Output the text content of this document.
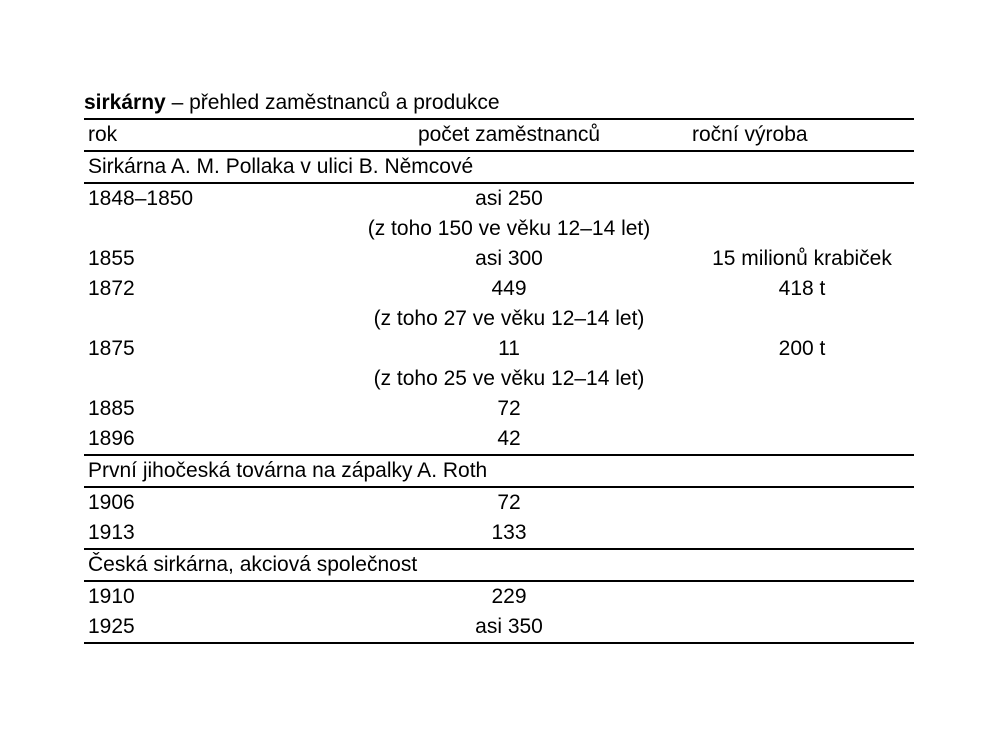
sirkárny – přehled zaměstnanců a produkce
rok	počet zaměstnanců	roční výroba
Sirkárna A. M. Pollaka v ulici B. Němcové
1848–1850	asi 250
(z toho 150 ve věku 12–14 let)
1855	asi 300	15 milionů krabiček
1872	449	418 t
(z toho 27 ve věku 12–14 let)
1875	11	200 t
(z toho 25 ve věku 12–14 let)
1885	72
1896	42
První jihočeská továrna na zápalky A. Roth
1906	72
1913	133
Česká sirkárna, akciová společnost
1910	229
1925	asi 350
